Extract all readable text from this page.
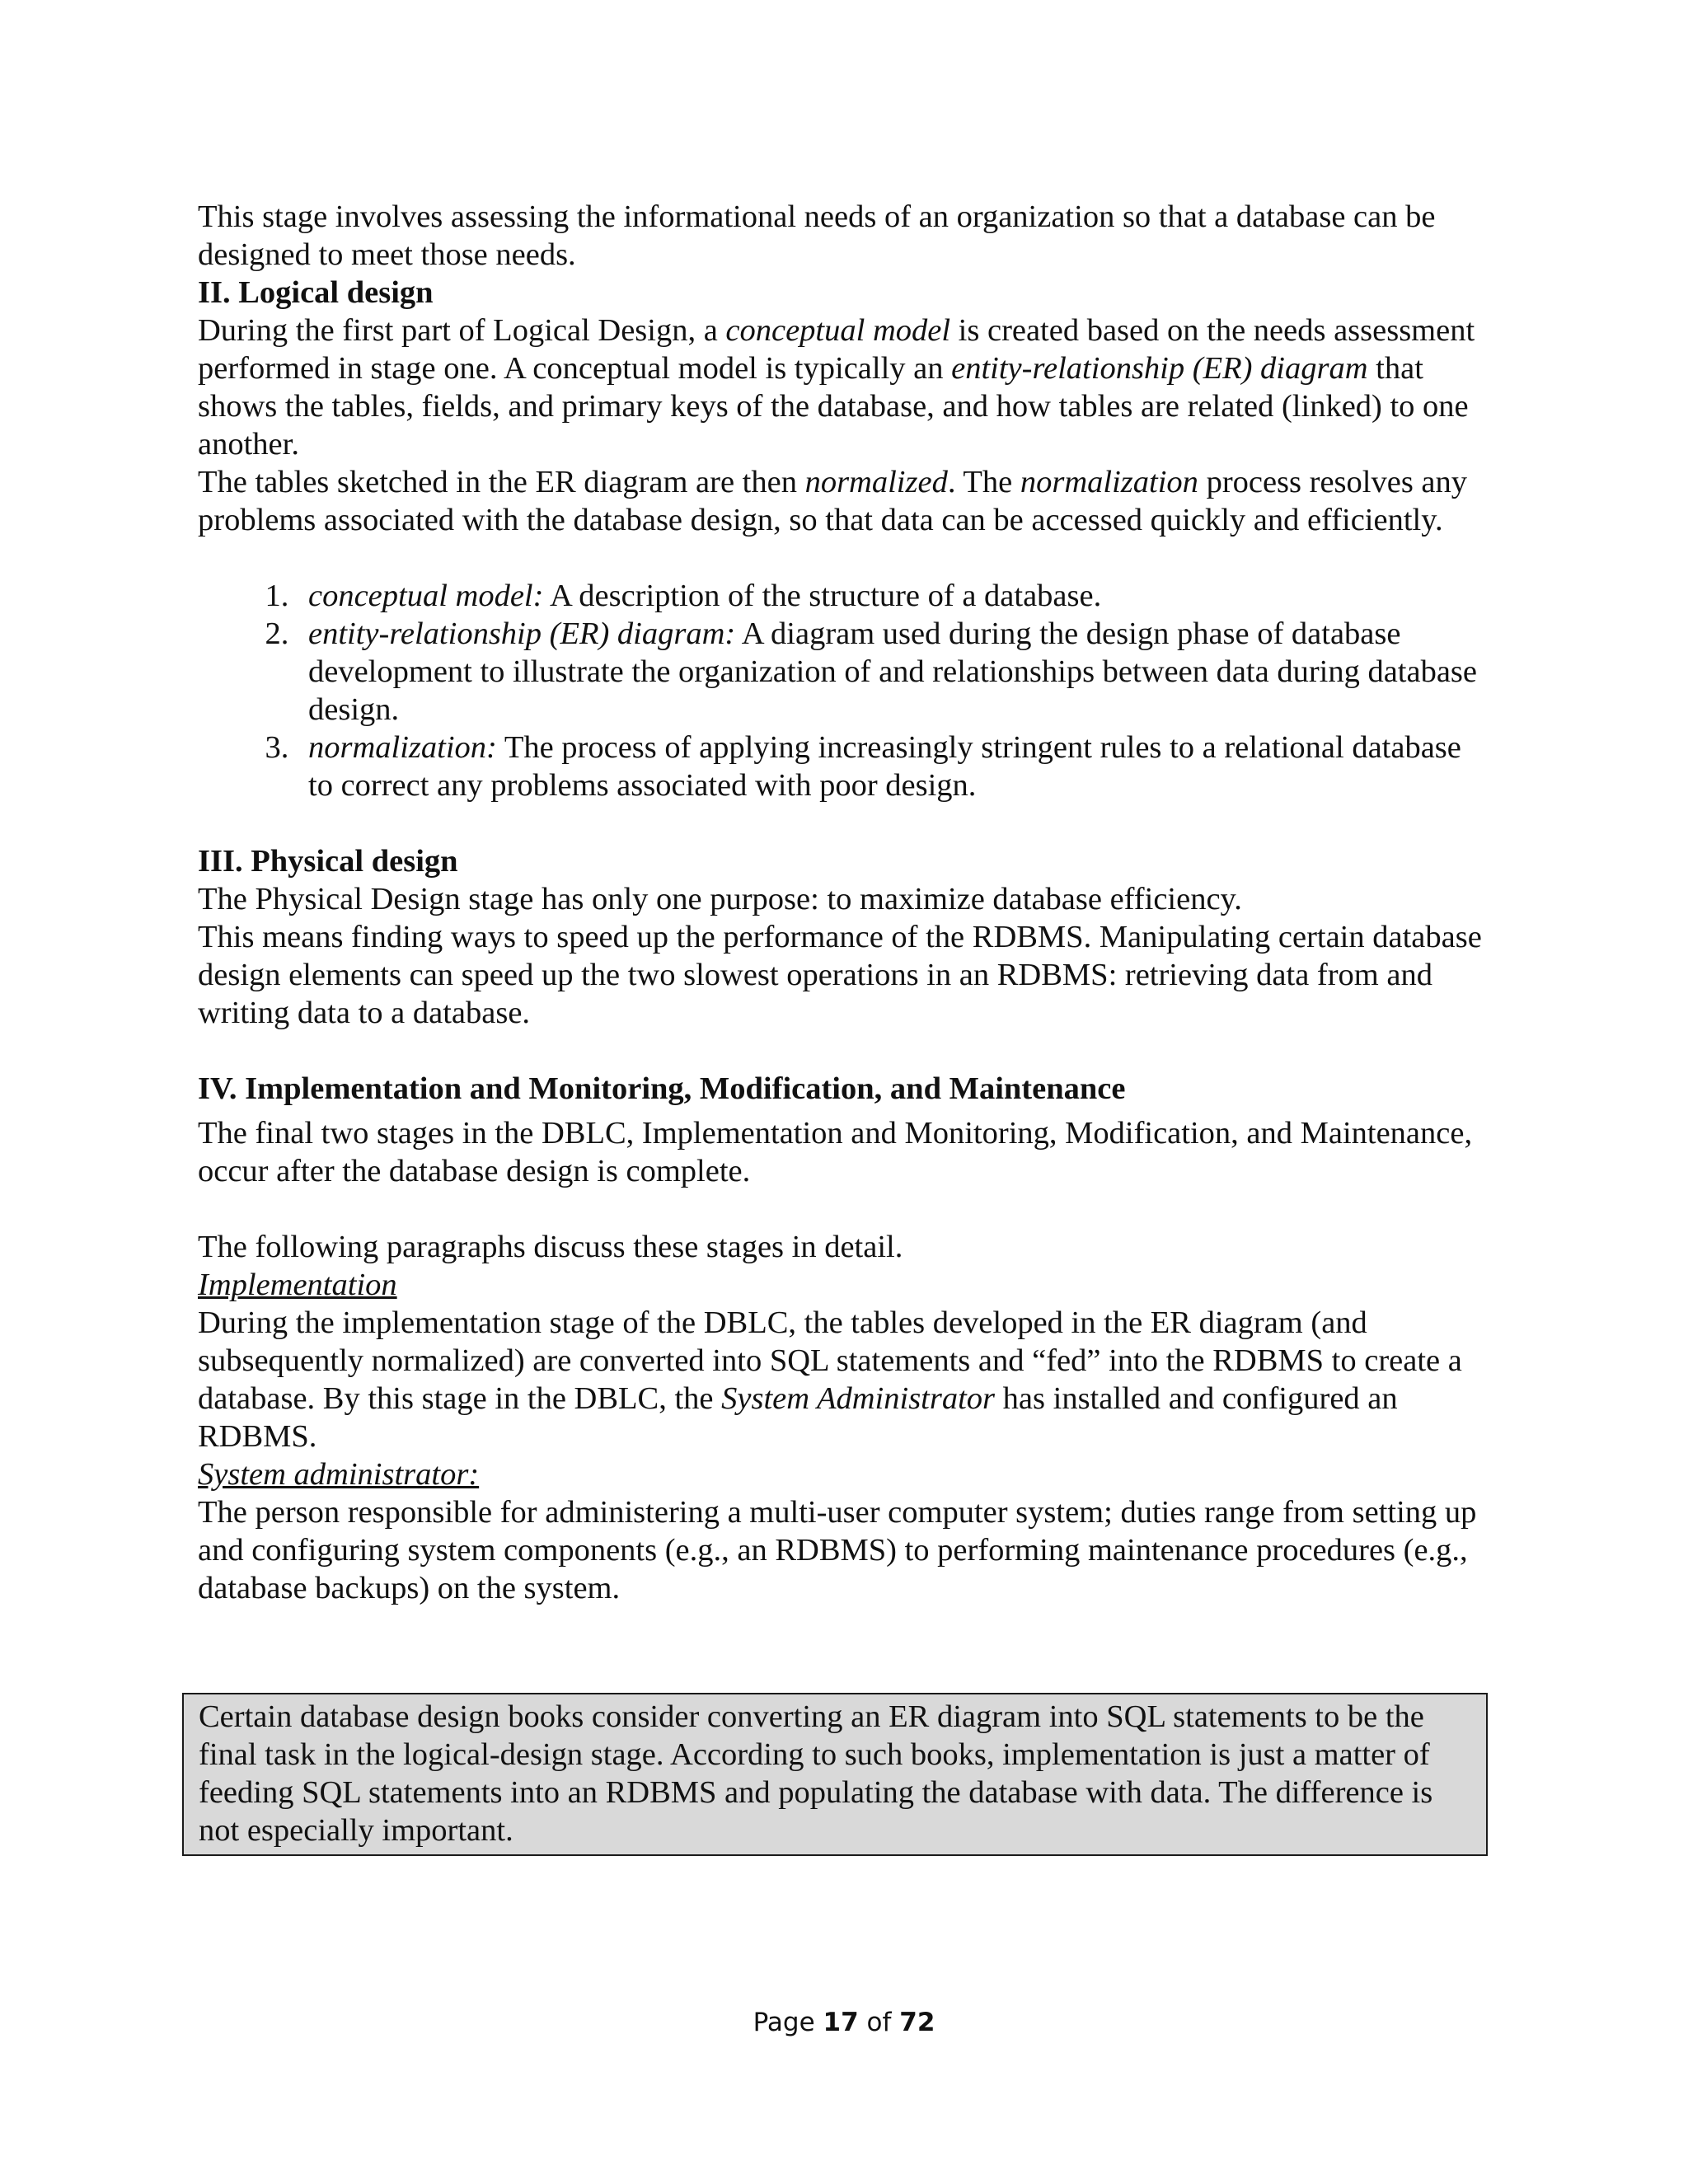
This stage involves assessing the informational needs of an organization so that a database can be designed to meet those needs.

II. Logical design

During the first part of Logical Design, a conceptual model is created based on the needs assessment performed in stage one. A conceptual model is typically an entity-relationship (ER) diagram that shows the tables, fields, and primary keys of the database, and how tables are related (linked) to one another.

The tables sketched in the ER diagram are then normalized. The normalization process resolves any problems associated with the database design, so that data can be accessed quickly and efficiently.

1. conceptual model: A description of the structure of a database.
2. entity-relationship (ER) diagram: A diagram used during the design phase of database development to illustrate the organization of and relationships between data during database design.
3. normalization: The process of applying increasingly stringent rules to a relational database to correct any problems associated with poor design.
III. Physical design

The Physical Design stage has only one purpose: to maximize database efficiency.

This means finding ways to speed up the performance of the RDBMS. Manipulating certain database design elements can speed up the two slowest operations in an RDBMS: retrieving data from and writing data to a database.

IV. Implementation and Monitoring, Modification, and Maintenance

The final two stages in the DBLC, Implementation and Monitoring, Modification, and Maintenance, occur after the database design is complete.

The following paragraphs discuss these stages in detail.

Implementation

During the implementation stage of the DBLC, the tables developed in the ER diagram (and subsequently normalized) are converted into SQL statements and “fed” into the RDBMS to create a database. By this stage in the DBLC, the System Administrator has installed and configured an RDBMS.

System administrator:

The person responsible for administering a multi-user computer system; duties range from setting up and configuring system components (e.g., an RDBMS) to performing maintenance procedures (e.g., database backups) on the system.

Certain database design books consider converting an ER diagram into SQL statements to be the final task in the logical-design stage. According to such books, implementation is just a matter of feeding SQL statements into an RDBMS and populating the database with data. The difference is not especially important.

Page 17 of 72
